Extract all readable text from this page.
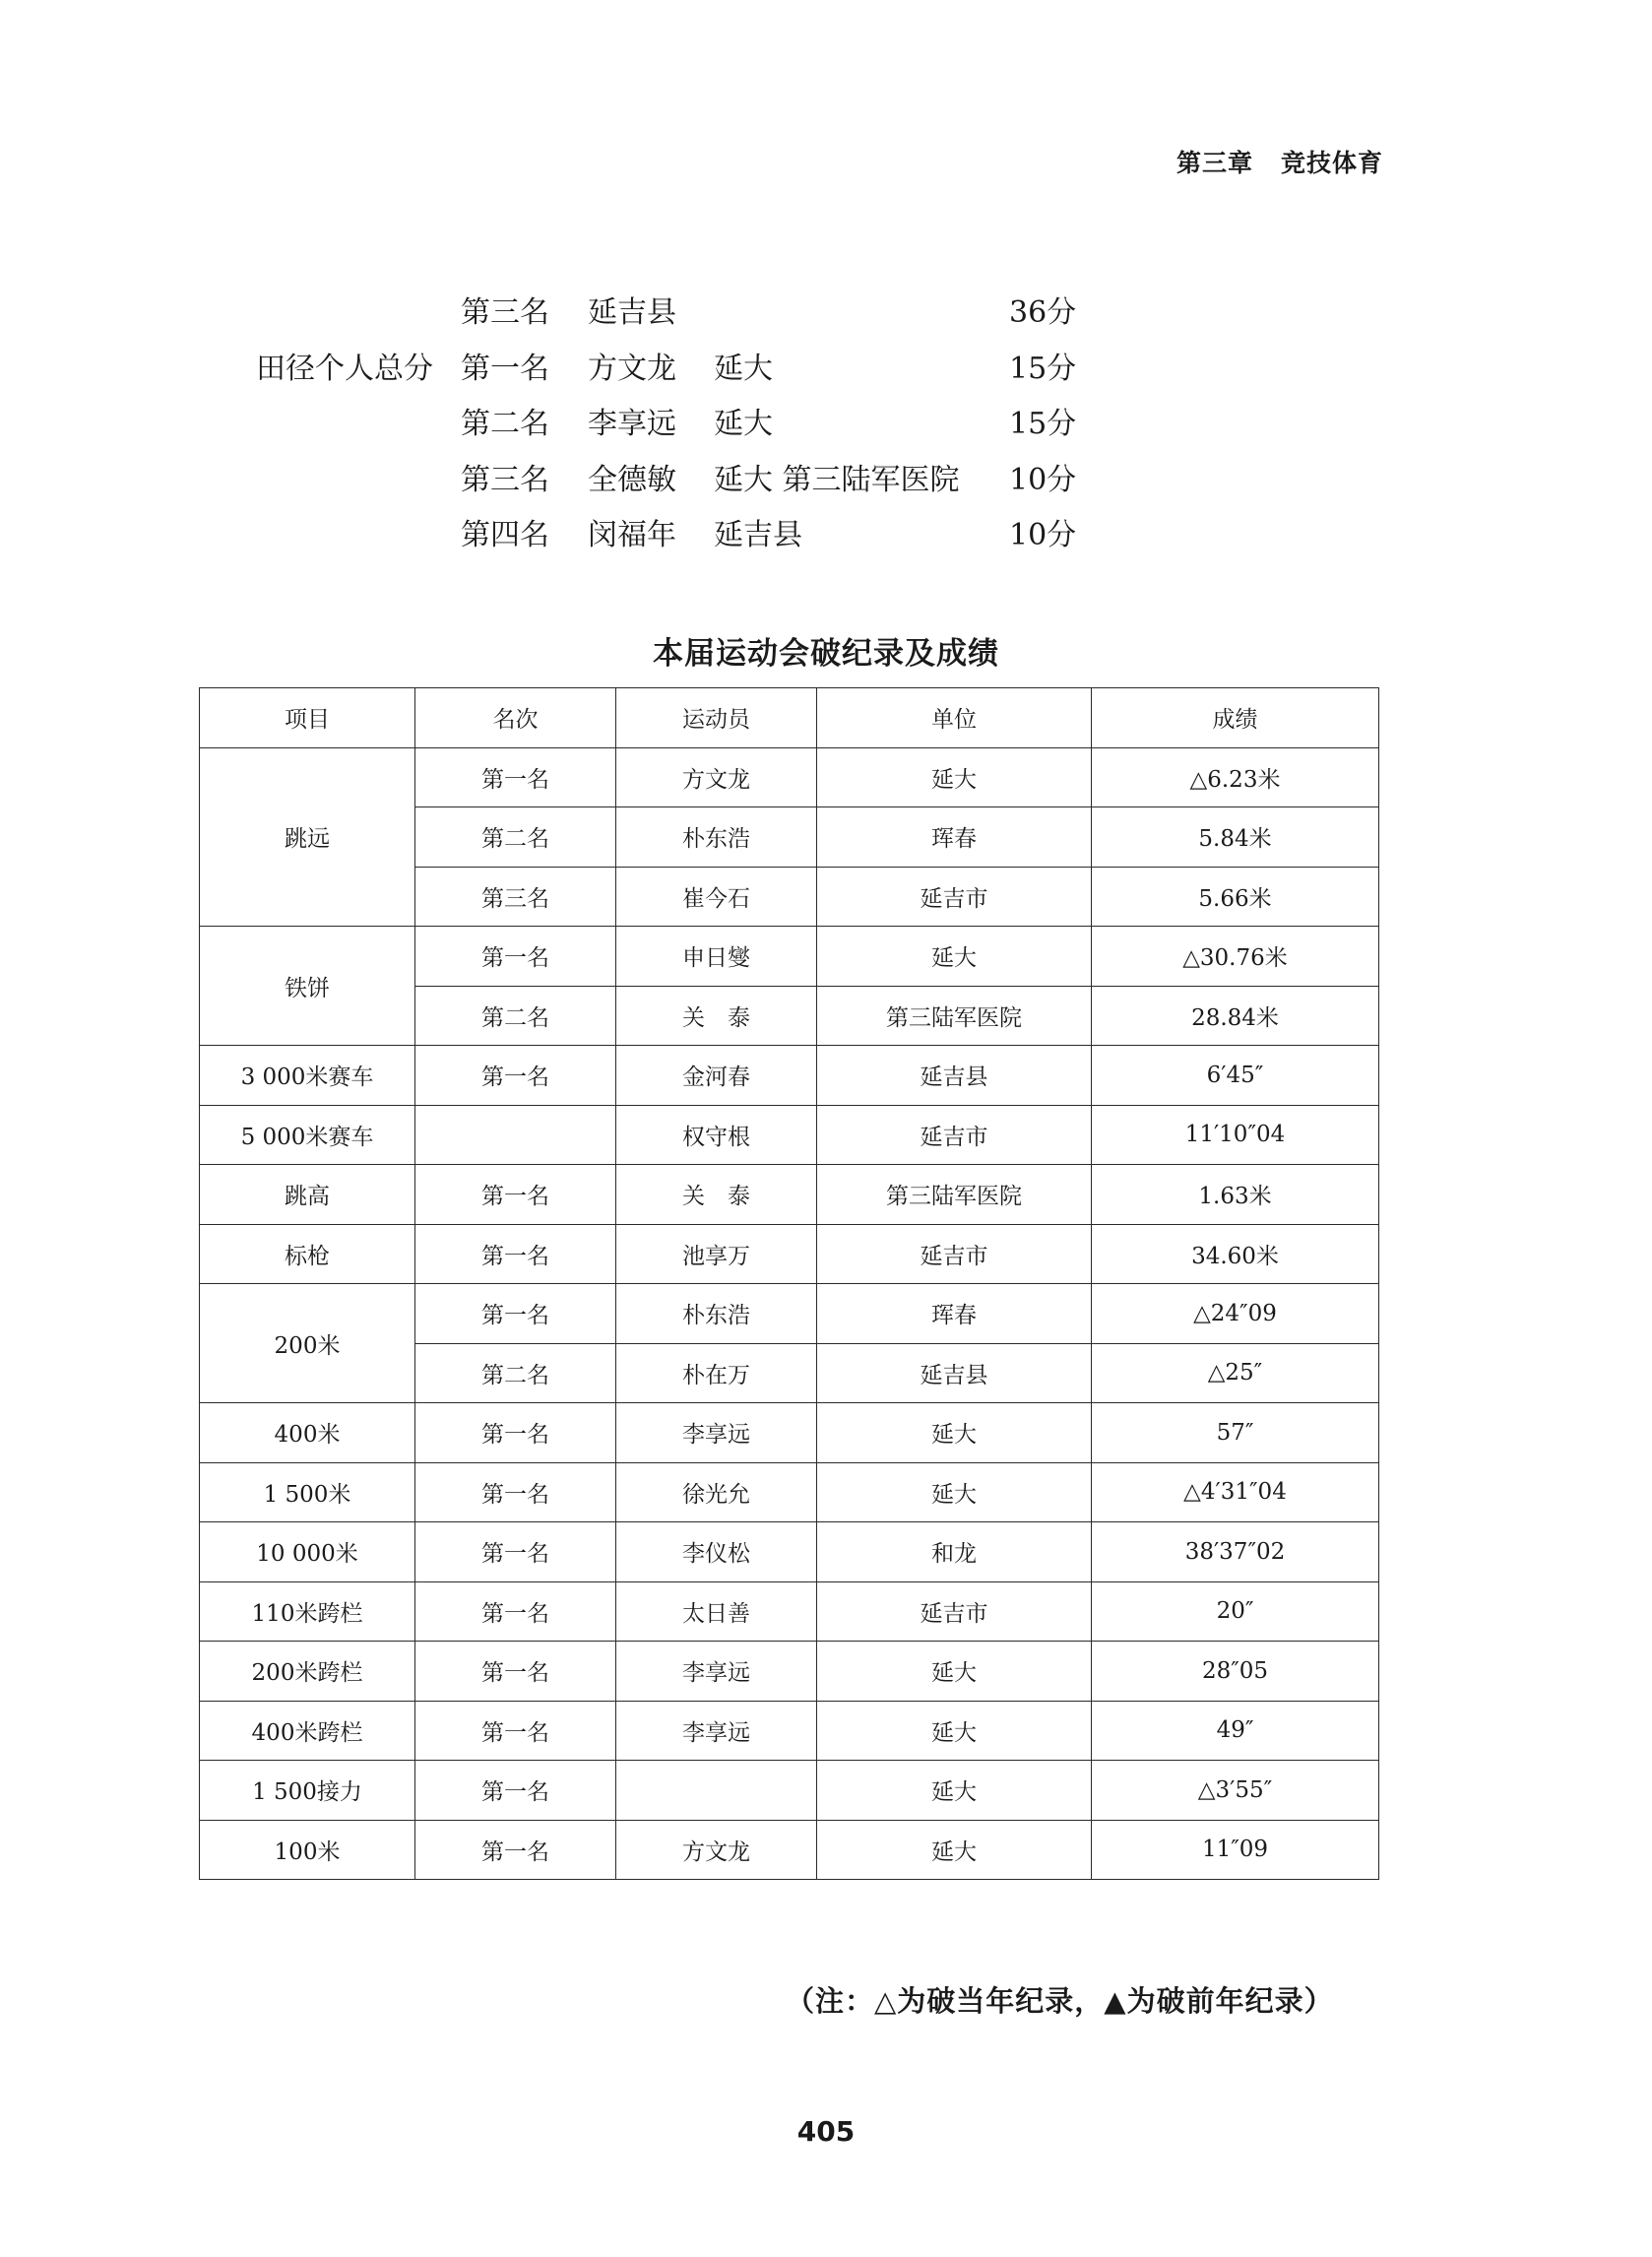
第三章 竞技体育
第三名 延吉县	36分
田径个人总分 第一名 方文龙 延大	15分
第二名 李享远 延大	15分
第三名 全德敏 延大 第三陆军医院 10分
第四名 闵福年 延吉县	10分
本届运动会破纪录及成绩
项目	名次	运动员	单位	成绩
跳远	第一名	方文龙	延大	△6.23米
	第二名	朴东浩	珲春	5.84米
	第三名	崔今石	延吉市	5.66米
铁饼	第一名	申日燮	延大	△30.76米
	第二名	关　泰	第三陆军医院	28.84米
3 000米赛车	第一名	金河春	延吉县	6′45″
5 000米赛车		权守根	延吉市	11′10″04
跳高	第一名	关　泰	第三陆军医院	1.63米
标枪	第一名	池享万	延吉市	34.60米
200米	第一名	朴东浩	珲春	△24″09
	第二名	朴在万	延吉县	△25″
400米	第一名	李享远	延大	57″
1 500米	第一名	徐光允	延大	△4′31″04
10 000米	第一名	李仪松	和龙	38′37″02
110米跨栏	第一名	太日善	延吉市	20″
200米跨栏	第一名	李享远	延大	28″05
400米跨栏	第一名	李享远	延大	49″
1 500接力	第一名		延大	△3′55″
100米	第一名	方文龙	延大	11″09
（注：△为破当年纪录，▲为破前年纪录）
405
